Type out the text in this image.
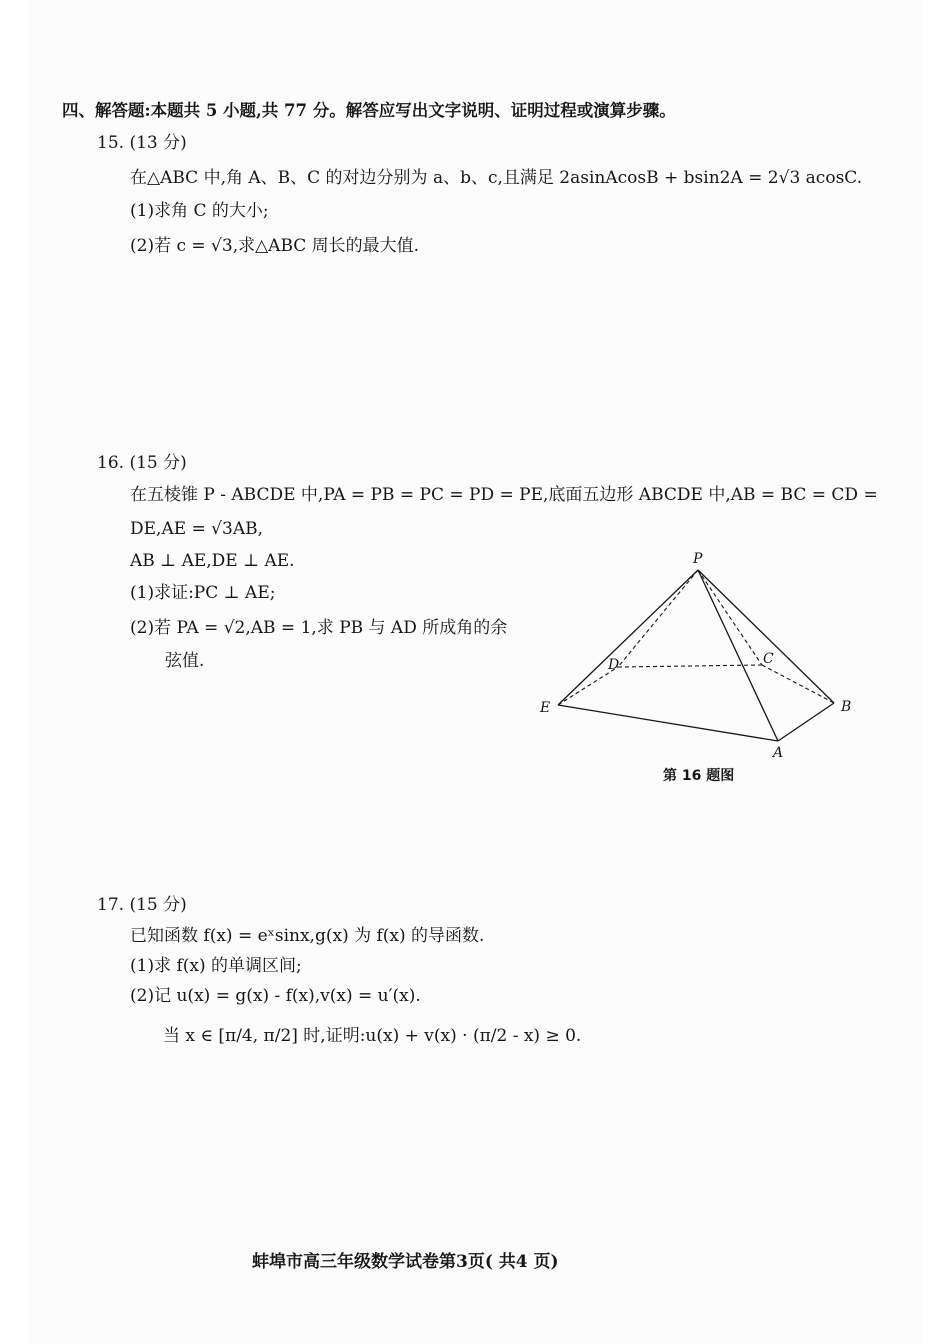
四、解答题:本题共 5 小题,共 77 分。解答应写出文字说明、证明过程或演算步骤。
15. (13 分)
在△ABC 中,角 A、B、C 的对边分别为 a、b、c,且满足 2asinAcosB + bsin2A = 2√3 acosC.
(1)求角 C 的大小;
(2)若 c = √3,求△ABC 周长的最大值.
16. (15 分)
在五棱锥 P - ABCDE 中,PA = PB = PC = PD = PE,底面五边形 ABCDE 中,AB = BC = CD =
DE,AE = √3AB,
AB ⊥ AE,DE ⊥ AE.
(1)求证:PC ⊥ AE;
(2)若 PA = √2,AB = 1,求 PB 与 AD 所成角的余
弦值.
P
E
A
B
C
D
第 16 题图
17. (15 分)
已知函数 f(x) = eˣsinx,g(x) 为 f(x) 的导函数.
(1)求 f(x) 的单调区间;
(2)记 u(x) = g(x) - f(x),v(x) = u′(x).
当 x ∈ [π/4, π/2] 时,证明:u(x) + v(x) · (π/2 - x) ≥ 0.
蚌埠市高三年级数学试卷第3页( 共4 页)
